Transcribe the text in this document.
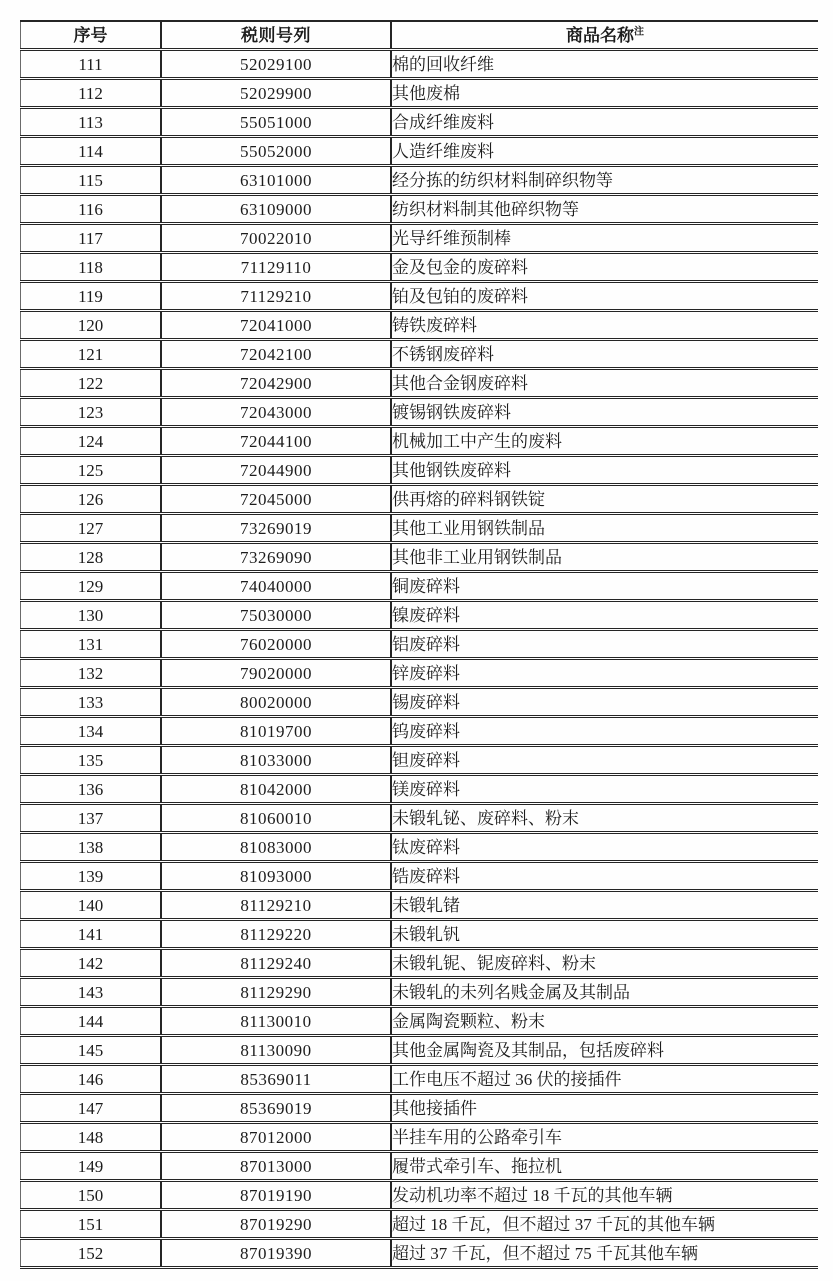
序号	税则号列	商品名称$^注$
111	52029100	棉的回收纤维
112	52029900	其他废棉
113	55051000	合成纤维废料
114	55052000	人造纤维废料
115	63101000	经分拣的纺织材料制碎织物等
116	63109000	纺织材料制其他碎织物等
117	70022010	光导纤维预制棒
118	71129110	金及包金的废碎料
119	71129210	铂及包铂的废碎料
120	72041000	铸铁废碎料
121	72042100	不锈钢废碎料
122	72042900	其他合金钢废碎料
123	72043000	镀锡钢铁废碎料
124	72044100	机械加工中产生的废料
125	72044900	其他钢铁废碎料
126	72045000	供再熔的碎料钢铁锭
127	73269019	其他工业用钢铁制品
128	73269090	其他非工业用钢铁制品
129	74040000	铜废碎料
130	75030000	镍废碎料
131	76020000	铝废碎料
132	79020000	锌废碎料
133	80020000	锡废碎料
134	81019700	钨废碎料
135	81033000	钽废碎料
136	81042000	镁废碎料
137	81060010	未锻轧铋、废碎料、粉末
138	81083000	钛废碎料
139	81093000	锆废碎料
140	81129210	未锻轧锗
141	81129220	未锻轧钒
142	81129240	未锻轧铌、铌废碎料、粉末
143	81129290	未锻轧的未列名贱金属及其制品
144	81130010	金属陶瓷颗粒、粉末
145	81130090	其他金属陶瓷及其制品，包括废碎料
146	85369011	工作电压不超过 36 伏的接插件
147	85369019	其他接插件
148	87012000	半挂车用的公路牵引车
149	87013000	履带式牵引车、拖拉机
150	87019190	发动机功率不超过 18 千瓦的其他车辆
151	87019290	超过 18 千瓦，但不超过 37 千瓦的其他车辆
152	87019390	超过 37 千瓦，但不超过 75 千瓦其他车辆
